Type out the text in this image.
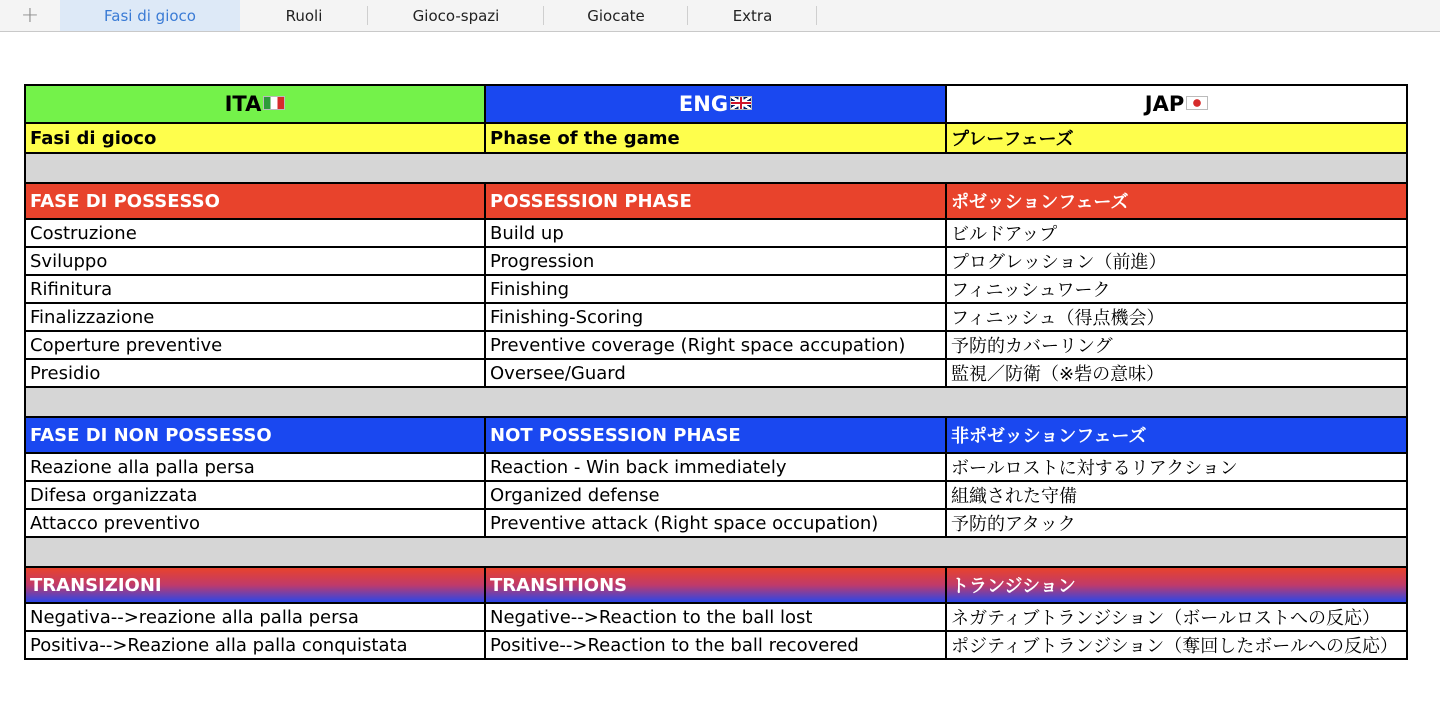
+	Fasi di gioco	Ruoli	Gioco-spazi	Giocate	Extra
ITA	ENG	JAP
Fasi di gioco	Phase of the game	プレーフェーズ

FASE DI POSSESSO	POSSESSION PHASE	ポゼッションフェーズ
Costruzione	Build up	ビルドアップ
Sviluppo	Progression	プログレッション（前進）
Rifinitura	Finishing	フィニッシュワーク
Finalizzazione	Finishing-Scoring	フィニッシュ（得点機会）
Coperture preventive	Preventive coverage (Right space accupation)	予防的カバーリング
Presidio	Oversee/Guard	監視／防衛（※砦の意味）

FASE DI NON POSSESSO	NOT POSSESSION PHASE	非ポゼッションフェーズ
Reazione alla palla persa	Reaction - Win back immediately	ボールロストに対するリアクション
Difesa organizzata	Organized defense	組織された守備
Attacco preventivo	Preventive attack (Right space occupation)	予防的アタック

TRANSIZIONI	TRANSITIONS	トランジション
Negativa-->reazione alla palla persa	Negative-->Reaction to the ball lost	ネガティブトランジション（ボールロストへの反応）
Positiva-->Reazione alla palla conquistata	Positive-->Reaction to the ball recovered	ポジティブトランジション（奪回したボールへの反応）
